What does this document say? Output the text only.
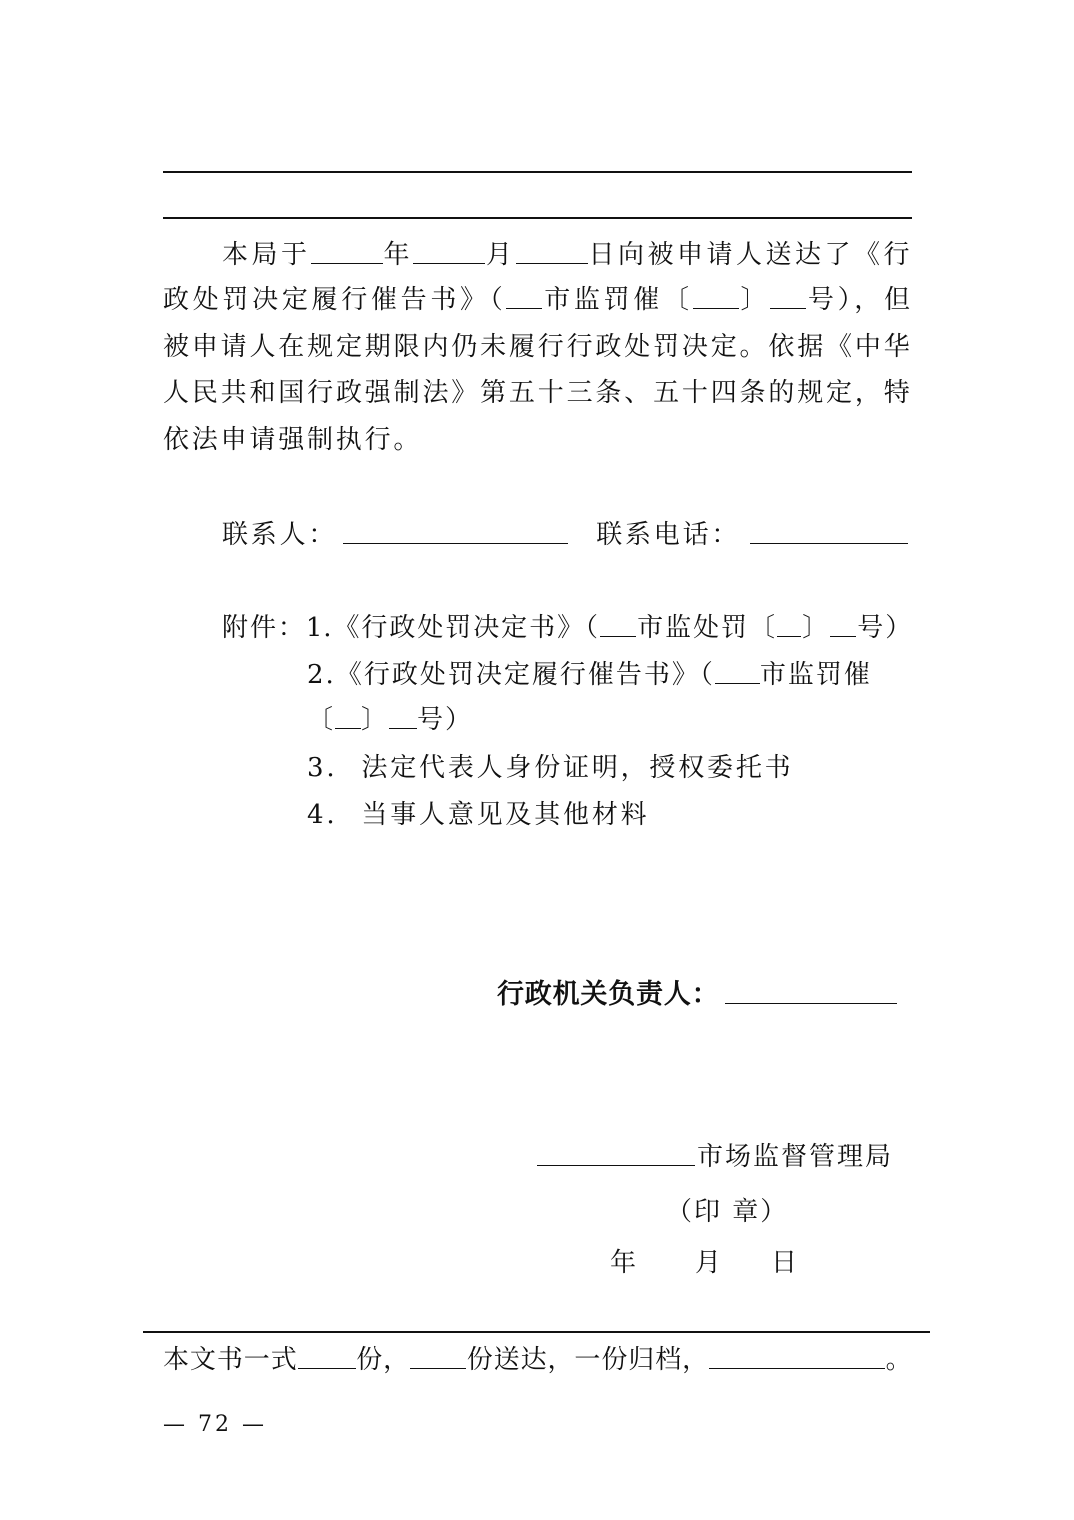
本局于	年	月	日向被申请人送达了《行
政处罚决定履行催告书》（ 市监罚催〔 〕 号），但
被申请人在规定期限内仍未履行行政处罚决定。依据《中华
人民共和国行政强制法》第五十三条、五十四条的规定，特
依法申请强制执行。
联系人：	联系电话：
附件：1.《行政处罚决定书》（ 市监处罚〔 〕 号）
2.《行政处罚决定履行催告书》（ 市监罚催
〔 〕 号）
3. 法定代表人身份证明，授权委托书
4. 当事人意见及其他材料
行政机关负责人：
市场监督管理局
（印 章）
年	月	日
本文书一式 份， 份送达，一份归档，	。
— 72 —
